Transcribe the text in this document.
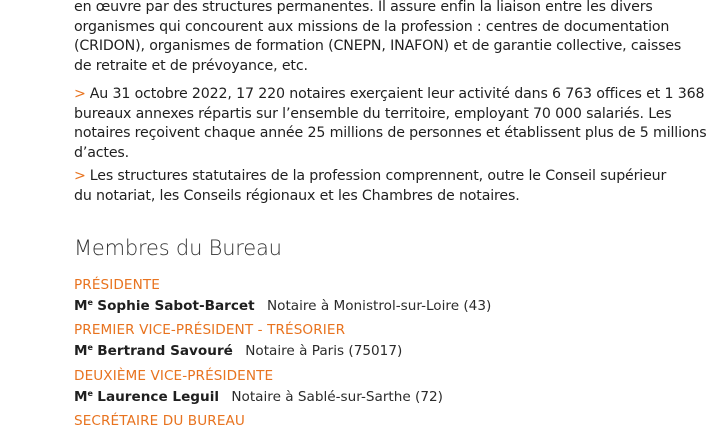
en œuvre par des structures permanentes. Il assure enfin la liaison entre les divers
organismes qui concourent aux missions de la profession : centres de documentation
(CRIDON), organismes de formation (CNEPN, INAFON) et de garantie collective, caisses
de retraite et de prévoyance, etc.

> Au 31 octobre 2022, 17 220 notaires exerçaient leur activité dans 6 763 offices et 1 368
bureaux annexes répartis sur l’ensemble du territoire, employant 70 000 salariés. Les
notaires reçoivent chaque année 25 millions de personnes et établissent plus de 5 millions
d’actes.

> Les structures statutaires de la profession comprennent, outre le Conseil supérieur
du notariat, les Conseils régionaux et les Chambres de notaires.

Membres du Bureau
PRÉSIDENTE
Me Sophie Sabot-Barcet Notaire à Monistrol-sur-Loire (43)
PREMIER VICE-PRÉSIDENT - TRÉSORIER
Me Bertrand Savouré Notaire à Paris (75017)
DEUXIÈME VICE-PRÉSIDENTE
Me Laurence Leguil Notaire à Sablé-sur-Sarthe (72)
SECRÉTAIRE DU BUREAU
